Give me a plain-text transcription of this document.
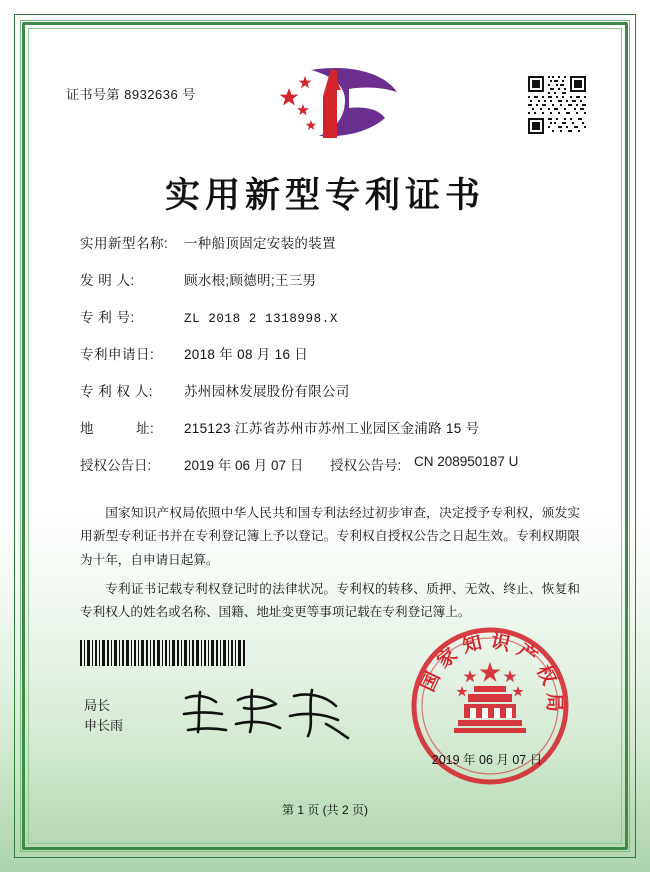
证书号第 8932636 号
实用新型专利证书
实用新型名称:	一种船顶固定安装的装置
发 明 人:	顾水根;顾德明;王三男
专 利 号:	ZL 2018 2 1318998.X
专利申请日:	2018 年 08 月 16 日
专 利 权 人:	苏州园林发展股份有限公司
地　　　址:	215123 江苏省苏州市苏州工业园区金浦路 15 号
授权公告日:	2019 年 06 月 07 日 授权公告号: CN 208950187 U

国家知识产权局依照中华人民共和国专利法经过初步审查，决定授予专利权，颁发实用新型专利证书并在专利登记簿上予以登记。专利权自授权公告之日起生效。专利权期限为十年，自申请日起算。

专利证书记载专利权登记时的法律状况。专利权的转移、质押、无效、终止、恢复和专利权人的姓名或名称、国籍、地址变更等事项记载在专利登记簿上。

局长
申长雨
国家知识产权局
2019 年 06 月 07 日
第 1 页 (共 2 页)
